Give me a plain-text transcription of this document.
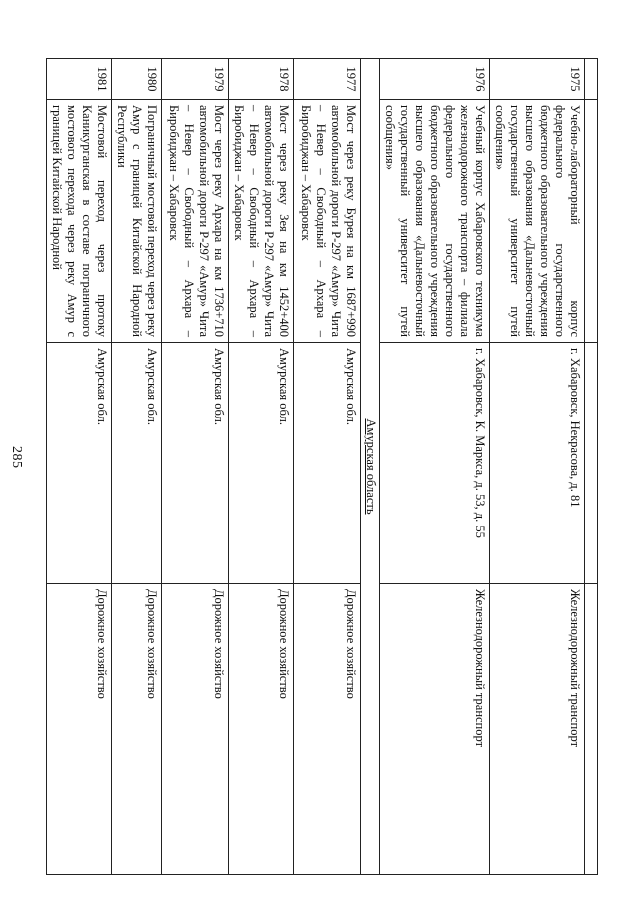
285

1975	Учебно-лабораторный корпус федерального государственного бюджетного образовательного учреждения высшего образования «Дальневосточный государственный университет путей сообщения»	г. Хабаровск, Некрасова, д. 81	Железнодорожный транспорт
1976	Учебный корпус Хабаровского техникума железнодорожного транспорта – филиала федерального государственного бюджетного образовательного учреждения высшего образования «Дальневосточный государственный университет путей сообщения»	г. Хабаровск, К. Маркса, д. 53, д. 55	Железнодорожный транспорт
Амурская область			
1977	Мост через реку Бурея на км 1687+990 автомобильной дороги Р-297 «Амур» Чита – Невер – Свободный – Архара – Биробиджан – Хабаровск	Амурская обл.	Дорожное хозяйство
1978	Мост через реку Зея на км 1452+400 автомобильной дороги Р-297 «Амур» Чита – Невер – Свободный – Архара – Биробиджан – Хабаровск	Амурская обл.	Дорожное хозяйство
1979	Мост через реку Архара на км 1736+710 автомобильной дороги Р-297 «Амур» Чита – Невер – Свободный – Архара – Биробиджан – Хабаровск	Амурская обл.	Дорожное хозяйство
1980	Пограничный мостовой переход через реку Амур с границей Китайской Народной Республики	Амурская обл.	Дорожное хозяйство
1981	Мостовой переход через протоку Каникурганская в составе пограничного мостового перехода через реку Амур с границей Китайской Народной	Амурская обл.	Дорожное хозяйство
